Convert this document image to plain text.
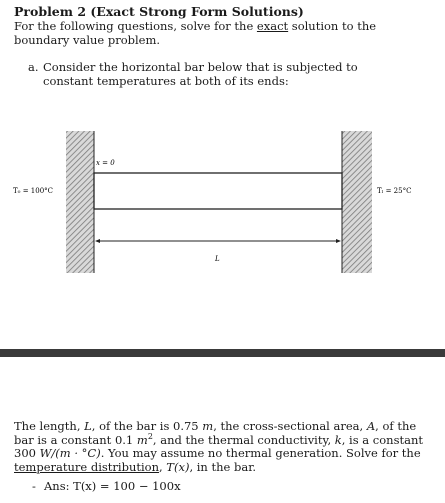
Problem 2 (Exact Strong Form Solutions)
For the following questions, solve for the exact solution to the boundary value problem.
a. Consider the horizontal bar below that is subjected to constant temperatures at both of its ends:
x = 0
T₀ = 100°C	Tₗ = 25°C
L
The length, L, of the bar is 0.75 m, the cross-sectional area, A, of the bar is a constant 0.1 $m^2$, and the thermal conductivity, k, is a constant 300 W/(m · °C). You may assume no thermal generation. Solve for the temperature distribution, T(x), in the bar.
- Ans: T(x) = 100 − 100x
